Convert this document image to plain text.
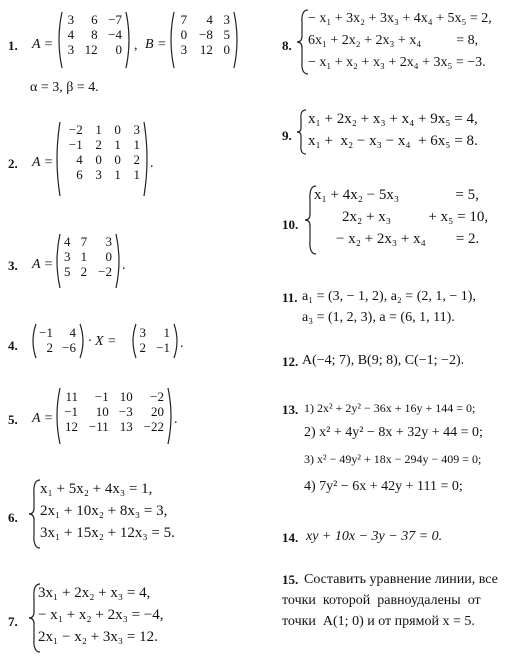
1. A =
3	6	−7
4	8	−4
3	12	0 , B =
7	4	3
0	−8	5
3	12	0
α = 3, β = 4.
2. A =
−2	1	0	3
−1	2	1	1
4	0	0	2
6	3	1	1
.
3. A =
4	7	3
3	1	0
5	2	−2 .
4.
−1	4
2	−6 · X =
3	1
2	−1 .
5. A =
11	−1	10	−2
−1	10	−3	20
12	−11	13	−22 .
6.
x₁ + 5x₂ + 4x₃ = 1,
2x₁ + 10x₂ + 8x₃ = 3,
3x₁ + 15x₂ + 12x₃ = 5.
7.
3x₁ + 2x₂ + x₃ = 4,
− x₁ + x₂ + 2x₃ = −4,
2x₁ − x₂ + 3x₃ = 12.
8.
− x₁ + 3x₂ + 3x₃ + 4x₄ + 5x₅ = 2,
6x₁ + 2x₂ + 2x₃ + x₄          = 8,
− x₁ + x₂ + x₃ + 2x₄ + 3x₅ = −3.
9.
x₁ + 2x₂ + x₃ + x₄ + 9x₅ = 4,
x₁ +  x₂ − x₃ − x₄  + 6x₅ = 8.
10.
x₁ + 4x₂ − 5x₃               = 5,
2x₂ + x₃          + x₅ = 10,
− x₂ + 2x₃ + x₄        = 2.
11. a₁ = (3, − 1, 2), a₂ = (2, 1, − 1),
a₃ = (1, 2, 3), a = (6, 1, 11).
12. A(−4; 7), B(9; 8), C(−1; −2).
13. 1) 2x² + 2y² − 36x + 16y + 144 = 0;
2) x² + 4y² − 8x + 32y + 44 = 0;
3) x² − 49y² + 18x − 294y − 409 = 0;
4) 7y² − 6x + 42y + 111 = 0;
14. xy + 10x − 3y − 37 = 0.
15. Составить уравнение линии, все
точки  которой  равноудалены  от
точки  A(1; 0) и от прямой x = 5.
